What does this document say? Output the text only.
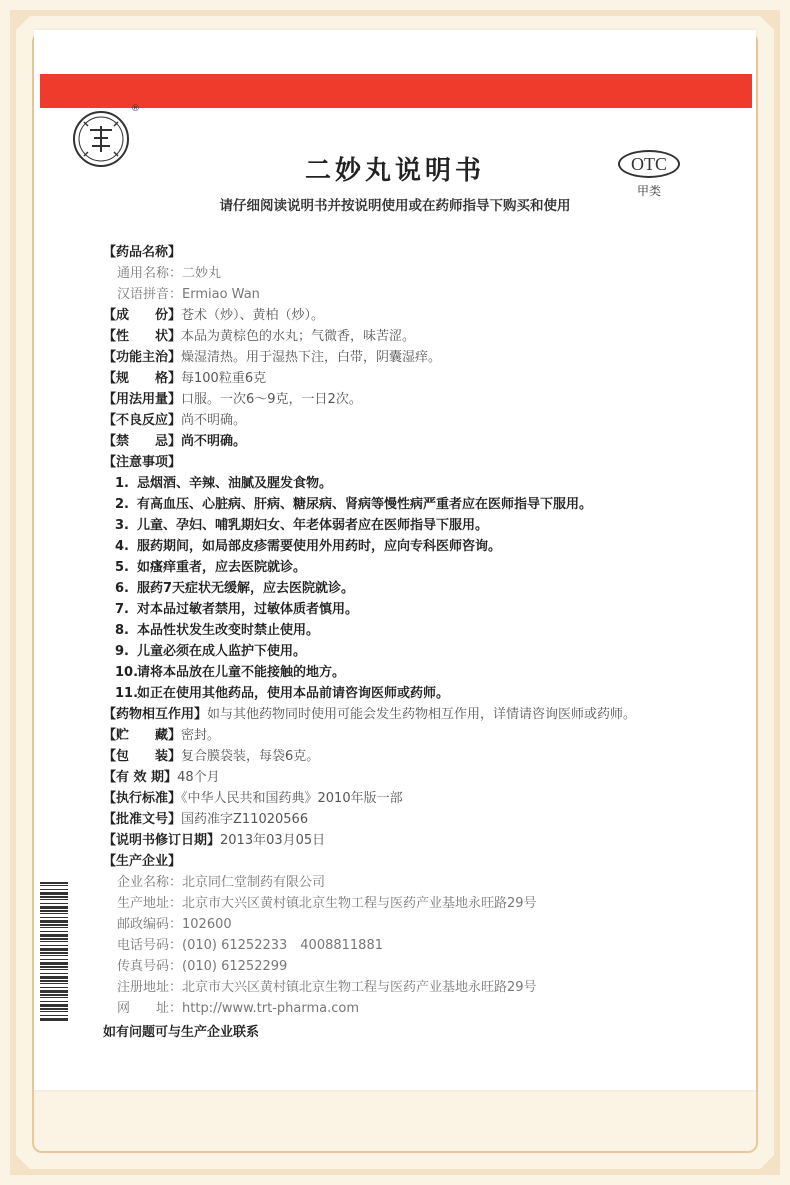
®
二妙丸说明书
请仔细阅读说明书并按说明使用或在药师指导下购买和使用
OTC
甲类
【药品名称】
通用名称：二妙丸
汉语拼音：Ermiao Wan
【成　　份】苍术（炒）、黄柏（炒）。
【性　　状】本品为黄棕色的水丸；气微香，味苦涩。
【功能主治】燥湿清热。用于湿热下注，白带，阴囊湿痒。
【规　　格】每100粒重6克
【用法用量】口服。一次6～9克，一日2次。
【不良反应】尚不明确。
【禁　　忌】尚不明确。
【注意事项】
1. 忌烟酒、辛辣、油腻及腥发食物。
2. 有高血压、心脏病、肝病、糖尿病、肾病等慢性病严重者应在医师指导下服用。
3. 儿童、孕妇、哺乳期妇女、年老体弱者应在医师指导下服用。
4. 服药期间，如局部皮疹需要使用外用药时，应向专科医师咨询。
5. 如瘙痒重者，应去医院就诊。
6. 服药7天症状无缓解，应去医院就诊。
7. 对本品过敏者禁用，过敏体质者慎用。
8. 本品性状发生改变时禁止使用。
9. 儿童必须在成人监护下使用。
10.请将本品放在儿童不能接触的地方。
11.如正在使用其他药品，使用本品前请咨询医师或药师。
【药物相互作用】如与其他药物同时使用可能会发生药物相互作用，详情请咨询医师或药师。
【贮　　藏】密封。
【包　　装】复合膜袋装，每袋6克。
【有 效 期】48个月
【执行标准】《中华人民共和国药典》2010年版一部
【批准文号】国药准字Z11020566
【说明书修订日期】2013年03月05日
【生产企业】
企业名称：北京同仁堂制药有限公司
生产地址：北京市大兴区黄村镇北京生物工程与医药产业基地永旺路29号
邮政编码：102600
电话号码：(010) 61252233　4008811881
传真号码：(010) 61252299
注册地址：北京市大兴区黄村镇北京生物工程与医药产业基地永旺路29号
网　　址：http://www.trt-pharma.com
如有问题可与生产企业联系
